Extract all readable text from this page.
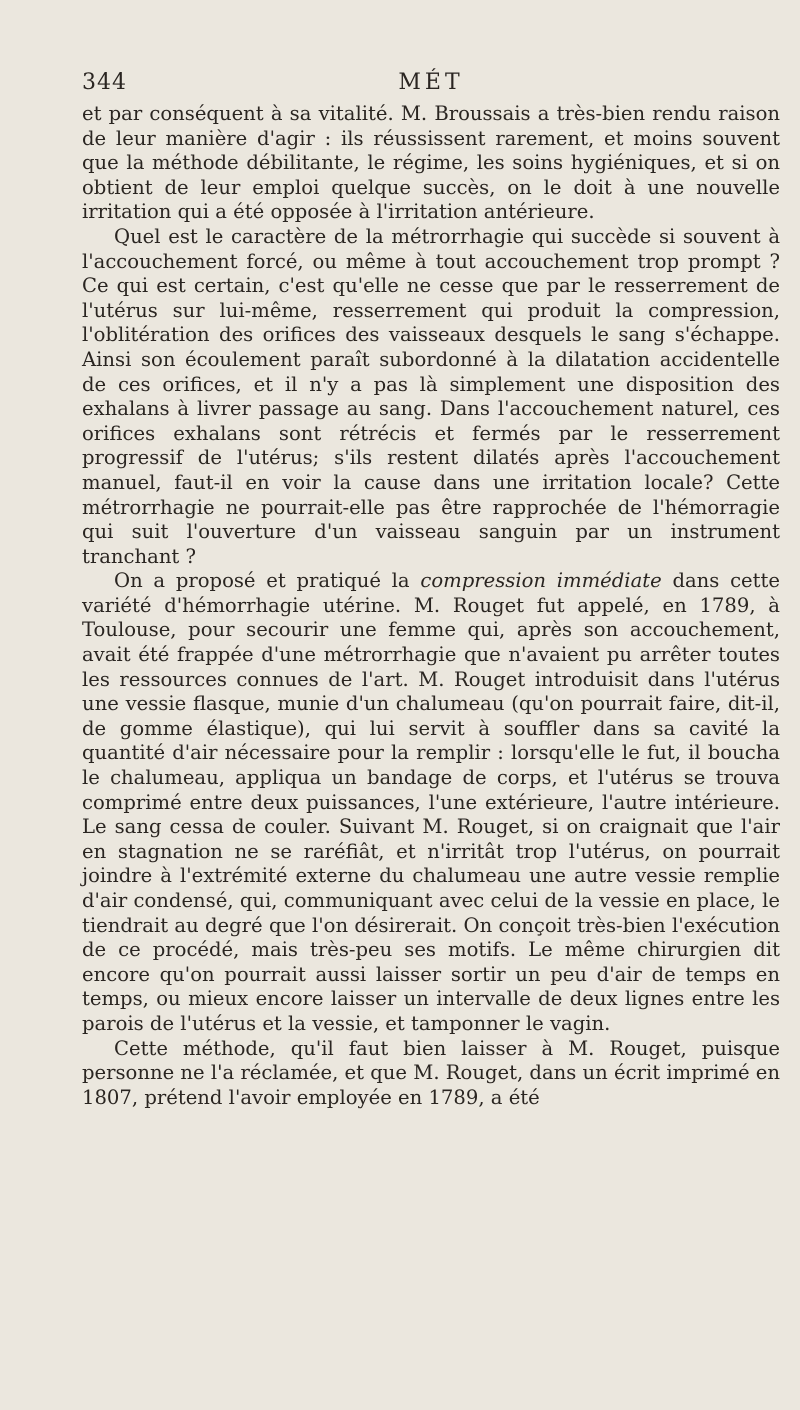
344	MÉT

et par conséquent à sa vitalité. M. Broussais a très-bien rendu raison de leur manière d'agir : ils réussissent rarement, et moins souvent que la méthode débilitante, le régime, les soins hygiéniques, et si on obtient de leur emploi quelque succès, on le doit à une nouvelle irritation qui a été opposée à l'irritation antérieure.

Quel est le caractère de la métrorrhagie qui succède si souvent à l'accouchement forcé, ou même à tout accouchement trop prompt ? Ce qui est certain, c'est qu'elle ne cesse que par le resserrement de l'utérus sur lui-même, resserrement qui produit la compression, l'oblitération des orifices des vaisseaux desquels le sang s'échappe. Ainsi son écoulement paraît subordonné à la dilatation accidentelle de ces orifices, et il n'y a pas là simplement une disposition des exhalans à livrer passage au sang. Dans l'accouchement naturel, ces orifices exhalans sont rétrécis et fermés par le resserrement progressif de l'utérus; s'ils restent dilatés après l'accouchement manuel, faut-il en voir la cause dans une irritation locale? Cette métrorrhagie ne pourrait-elle pas être rapprochée de l'hémorragie qui suit l'ouverture d'un vaisseau sanguin par un instrument tranchant ?

On a proposé et pratiqué la compression immédiate dans cette variété d'hémorrhagie utérine. M. Rouget fut appelé, en 1789, à Toulouse, pour secourir une femme qui, après son accouchement, avait été frappée d'une métrorrhagie que n'avaient pu arrêter toutes les ressources connues de l'art. M. Rouget introduisit dans l'utérus une vessie flasque, munie d'un chalumeau (qu'on pourrait faire, dit-il, de gomme élastique), qui lui servit à souffler dans sa cavité la quantité d'air nécessaire pour la remplir : lorsqu'elle le fut, il boucha le chalumeau, appliqua un bandage de corps, et l'utérus se trouva comprimé entre deux puissances, l'une extérieure, l'autre intérieure. Le sang cessa de couler. Suivant M. Rouget, si on craignait que l'air en stagnation ne se raréfiât, et n'irritât trop l'utérus, on pourrait joindre à l'extrémité externe du chalumeau une autre vessie remplie d'air condensé, qui, communiquant avec celui de la vessie en place, le tiendrait au degré que l'on désirerait. On conçoit très-bien l'exécution de ce procédé, mais très-peu ses motifs. Le même chirurgien dit encore qu'on pourrait aussi laisser sortir un peu d'air de temps en temps, ou mieux encore laisser un intervalle de deux lignes entre les parois de l'utérus et la vessie, et tamponner le vagin.

Cette méthode, qu'il faut bien laisser à M. Rouget, puisque personne ne l'a réclamée, et que M. Rouget, dans un écrit imprimé en 1807, prétend l'avoir employée en 1789, a été
